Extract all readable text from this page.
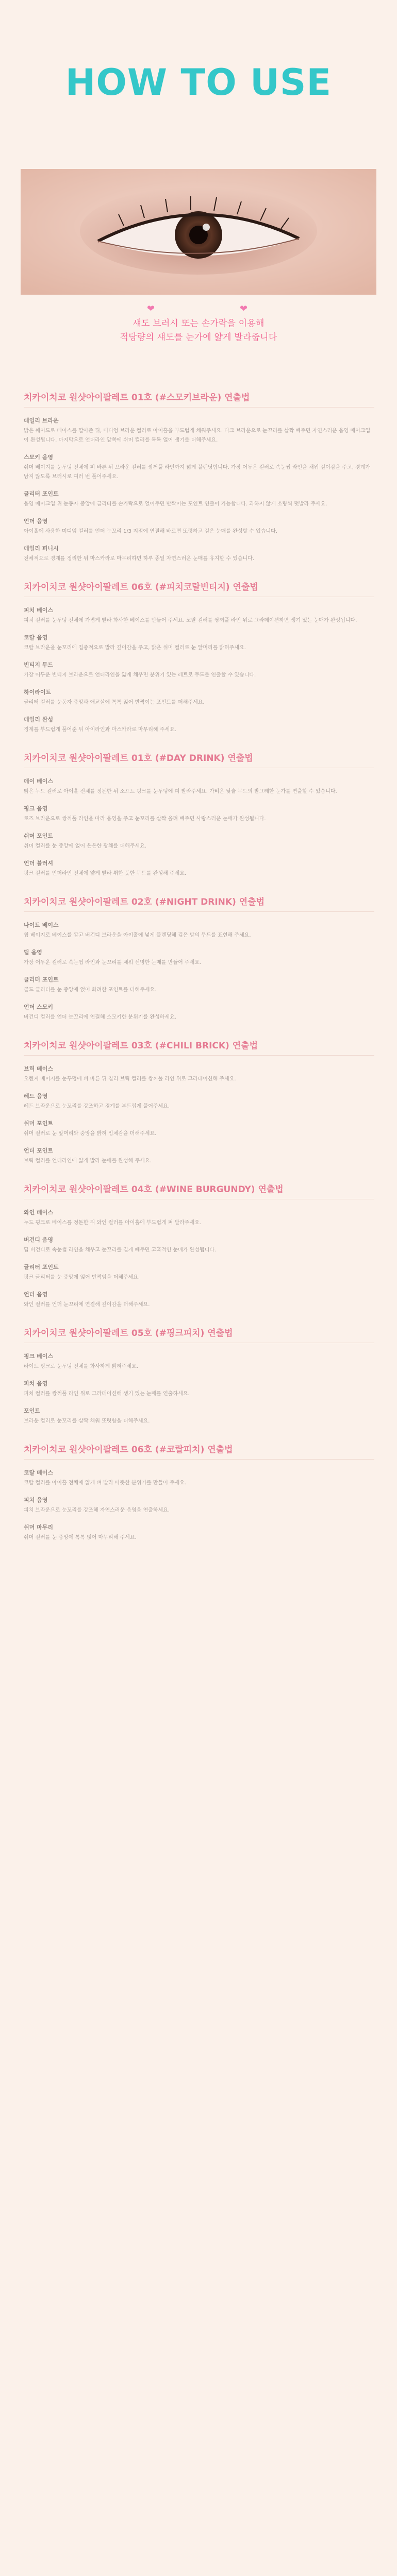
HOW TO USE
❤	❤
섀도 브러시 또는 손가락을 이용해
적당량의 섀도를 눈가에 얇게 발라줍니다
치카이치코 원샷아이팔레트 01호 (#스모키브라운) 연출법

데일리 브라운

밝은 쉐이드로 베이스를 깔아준 뒤, 미디엄 브라운 컬러로 아이홀을 부드럽게 채워주세요. 다크 브라운으로 눈꼬리를 살짝 빼주면 자연스러운 음영 메이크업이 완성됩니다. 마지막으로 언더라인 앞쪽에 쉬머 컬러를 톡톡 얹어 생기를 더해주세요.

스모키 음영

쉬머 베이지를 눈두덩 전체에 펴 바른 뒤 브라운 컬러를 쌍꺼풀 라인까지 넓게 블렌딩합니다. 가장 어두운 컬러로 속눈썹 라인을 채워 깊이감을 주고, 경계가 남지 않도록 브러시로 여러 번 풀어주세요.

글리터 포인트

음영 메이크업 위 눈동자 중앙에 글리터를 손가락으로 얹어주면 반짝이는 포인트 연출이 가능합니다. 과하지 않게 소량씩 덧발라 주세요.

언더 음영

아이홀에 사용한 미디엄 컬러를 언더 눈꼬리 1/3 지점에 연결해 바르면 또렷하고 깊은 눈매를 완성할 수 있습니다.

데일리 피니시

전체적으로 경계를 정리한 뒤 마스카라로 마무리하면 하루 종일 자연스러운 눈매를 유지할 수 있습니다.

치카이치코 원샷아이팔레트 06호 (#피치코랄빈티지) 연출법

피치 베이스

피치 컬러를 눈두덩 전체에 가볍게 발라 화사한 베이스를 만들어 주세요. 코랄 컬러를 쌍꺼풀 라인 위로 그라데이션하면 생기 있는 눈매가 완성됩니다.

코랄 음영

코랄 브라운을 눈꼬리에 집중적으로 발라 깊이감을 주고, 밝은 쉬머 컬러로 눈 앞머리를 밝혀주세요.

빈티지 무드

가장 어두운 빈티지 브라운으로 언더라인을 얇게 채우면 분위기 있는 레트로 무드를 연출할 수 있습니다.

하이라이트

글리터 컬러를 눈동자 중앙과 애교살에 톡톡 얹어 반짝이는 포인트를 더해주세요.

데일리 완성

경계를 부드럽게 풀어준 뒤 아이라인과 마스카라로 마무리해 주세요.

치카이치코 원샷아이팔레트 01호 (#DAY DRINK) 연출법

데이 베이스

밝은 누드 컬러로 아이홀 전체를 정돈한 뒤 소프트 핑크를 눈두덩에 펴 발라주세요. 가벼운 낮술 무드의 발그레한 눈가를 연출할 수 있습니다.

핑크 음영

로즈 브라운으로 쌍꺼풀 라인을 따라 음영을 주고 눈꼬리를 살짝 올려 빼주면 사랑스러운 눈매가 완성됩니다.

쉬머 포인트

쉬머 컬러를 눈 중앙에 얹어 은은한 광채를 더해주세요.

언더 블러셔

핑크 컬러를 언더라인 전체에 얇게 발라 취한 듯한 무드를 완성해 주세요.

치카이치코 원샷아이팔레트 02호 (#NIGHT DRINK) 연출법

나이트 베이스

웜 베이지로 베이스를 깔고 버건디 브라운을 아이홀에 넓게 블렌딩해 깊은 밤의 무드를 표현해 주세요.

딥 음영

가장 어두운 컬러로 속눈썹 라인과 눈꼬리를 채워 선명한 눈매를 만들어 주세요.

글리터 포인트

골드 글리터를 눈 중앙에 얹어 화려한 포인트를 더해주세요.

언더 스모키

버건디 컬러를 언더 눈꼬리에 연결해 스모키한 분위기를 완성하세요.

치카이치코 원샷아이팔레트 03호 (#CHILI BRICK) 연출법

브릭 베이스

오렌지 베이지를 눈두덩에 펴 바른 뒤 칠리 브릭 컬러를 쌍꺼풀 라인 위로 그라데이션해 주세요.

레드 음영

레드 브라운으로 눈꼬리를 강조하고 경계를 부드럽게 풀어주세요.

쉬머 포인트

쉬머 컬러로 눈 앞머리와 중앙을 밝혀 입체감을 더해주세요.

언더 포인트

브릭 컬러를 언더라인에 얇게 발라 눈매를 완성해 주세요.

치카이치코 원샷아이팔레트 04호 (#WINE BURGUNDY) 연출법

와인 베이스

누드 핑크로 베이스를 정돈한 뒤 와인 컬러를 아이홀에 부드럽게 펴 발라주세요.

버건디 음영

딥 버건디로 속눈썹 라인을 채우고 눈꼬리를 길게 빼주면 고혹적인 눈매가 완성됩니다.

글리터 포인트

핑크 글리터를 눈 중앙에 얹어 반짝임을 더해주세요.

언더 음영

와인 컬러를 언더 눈꼬리에 연결해 깊이감을 더해주세요.

치카이치코 원샷아이팔레트 05호 (#핑크피치) 연출법

핑크 베이스

라이트 핑크로 눈두덩 전체를 화사하게 밝혀주세요.

피치 음영

피치 컬러를 쌍꺼풀 라인 위로 그라데이션해 생기 있는 눈매를 연출하세요.

포인트

브라운 컬러로 눈꼬리를 살짝 채워 또렷함을 더해주세요.

치카이치코 원샷아이팔레트 06호 (#코랄피치) 연출법

코랄 베이스

코랄 컬러를 아이홀 전체에 얇게 펴 발라 따뜻한 분위기를 만들어 주세요.

피치 음영

피치 브라운으로 눈꼬리를 강조해 자연스러운 음영을 연출하세요.

쉬머 마무리

쉬머 컬러를 눈 중앙에 톡톡 얹어 마무리해 주세요.
